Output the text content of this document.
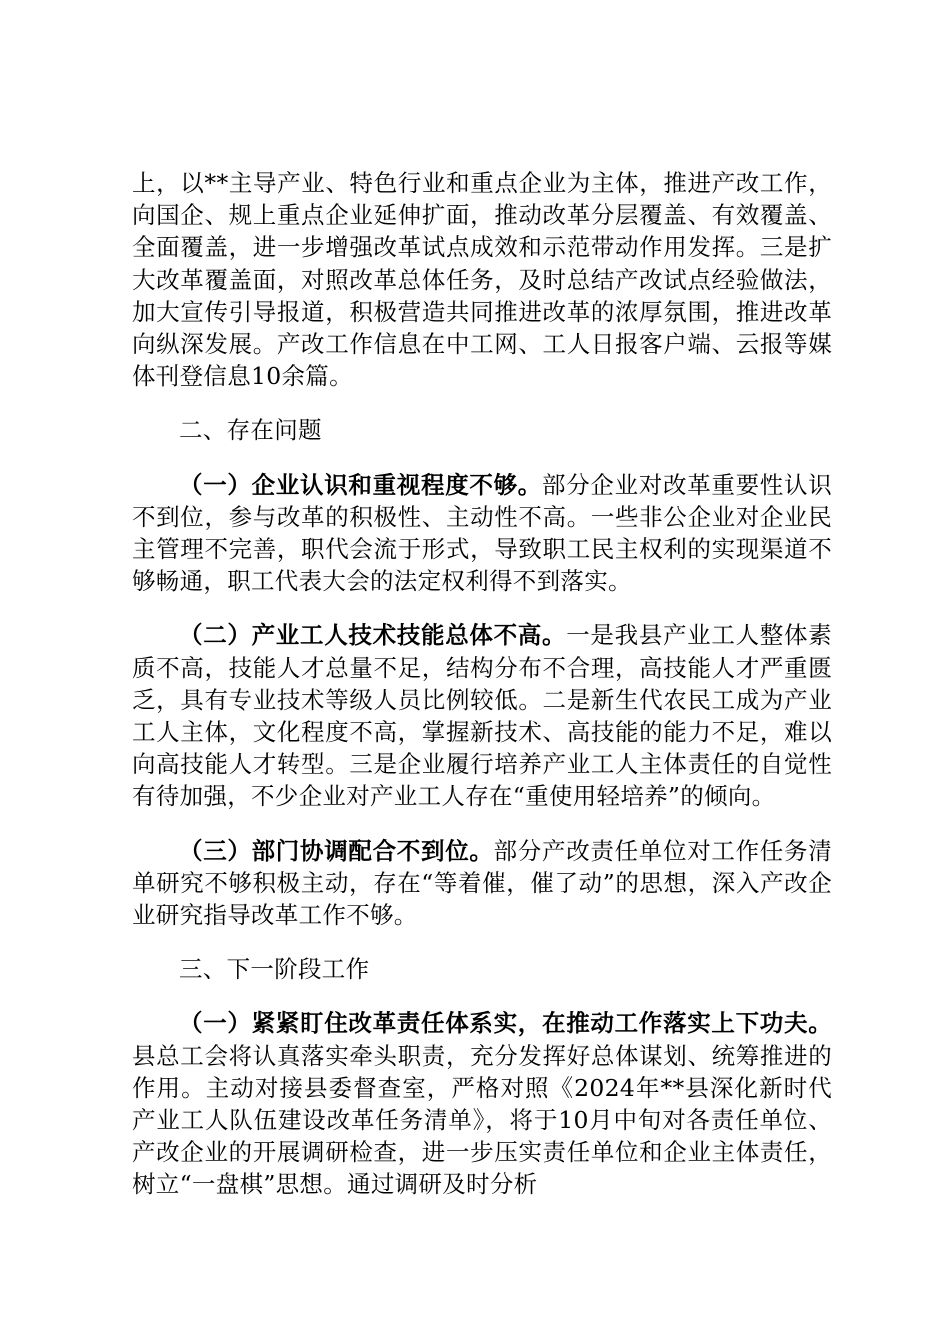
上，以**主导产业、特色行业和重点企业为主体，推进产改工作，向国企、规上重点企业延伸扩面，推动改革分层覆盖、有效覆盖、全面覆盖，进一步增强改革试点成效和示范带动作用发挥。三是扩大改革覆盖面，对照改革总体任务，及时总结产改试点经验做法，加大宣传引导报道，积极营造共同推进改革的浓厚氛围，推进改革向纵深发展。产改工作信息在中工网、工人日报客户端、云报等媒体刊登信息10余篇。

二、存在问题

（一）企业认识和重视程度不够。部分企业对改革重要性认识不到位，参与改革的积极性、主动性不高。一些非公企业对企业民主管理不完善，职代会流于形式，导致职工民主权利的实现渠道不够畅通，职工代表大会的法定权利得不到落实。

（二）产业工人技术技能总体不高。一是我县产业工人整体素质不高，技能人才总量不足，结构分布不合理，高技能人才严重匮乏，具有专业技术等级人员比例较低。二是新生代农民工成为产业工人主体，文化程度不高，掌握新技术、高技能的能力不足，难以向高技能人才转型。三是企业履行培养产业工人主体责任的自觉性有待加强，不少企业对产业工人存在“重使用轻培养”的倾向。

（三）部门协调配合不到位。部分产改责任单位对工作任务清单研究不够积极主动，存在“等着催，催了动”的思想，深入产改企业研究指导改革工作不够。

三、下一阶段工作

（一）紧紧盯住改革责任体系实，在推动工作落实上下功夫。县总工会将认真落实牵头职责，充分发挥好总体谋划、统筹推进的作用。主动对接县委督查室，严格对照《2024年**县深化新时代产业工人队伍建设改革任务清单》，将于10月中旬对各责任单位、产改企业的开展调研检查，进一步压实责任单位和企业主体责任，树立“一盘棋”思想。通过调研及时分析
